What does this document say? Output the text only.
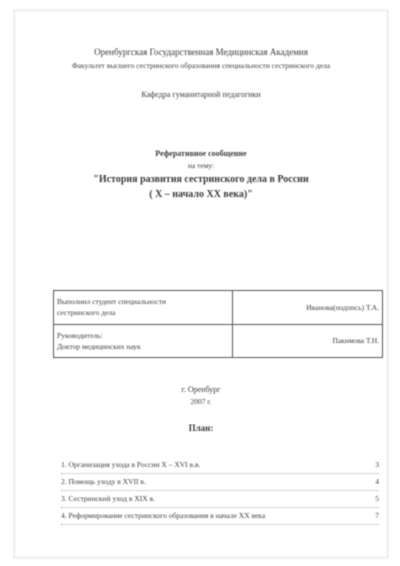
Оренбургская Государственная Медицинская Академия
Факультет высшего сестринского образования специальности сестринского дела
Кафедра гуманитарной педагогики
Реферативное сообщение
на тему:
"История развития сестринского дела в России
( X – начало XX века)"
Выполнил студент специальности
сестринского дела	Иванова(подпись) Т.А.
Руководитель:
Доктор медицинских наук	Пакимова Т.Н.
г. Оренбург
2007 г.
План:
1. Организация ухода в России X – XVI в.в.	3
2. Помощь уходу в XVII в.	4
3. Сестринский уход в XIX в.	5
4. Реформирование сестринского образования в начале XX века	7
